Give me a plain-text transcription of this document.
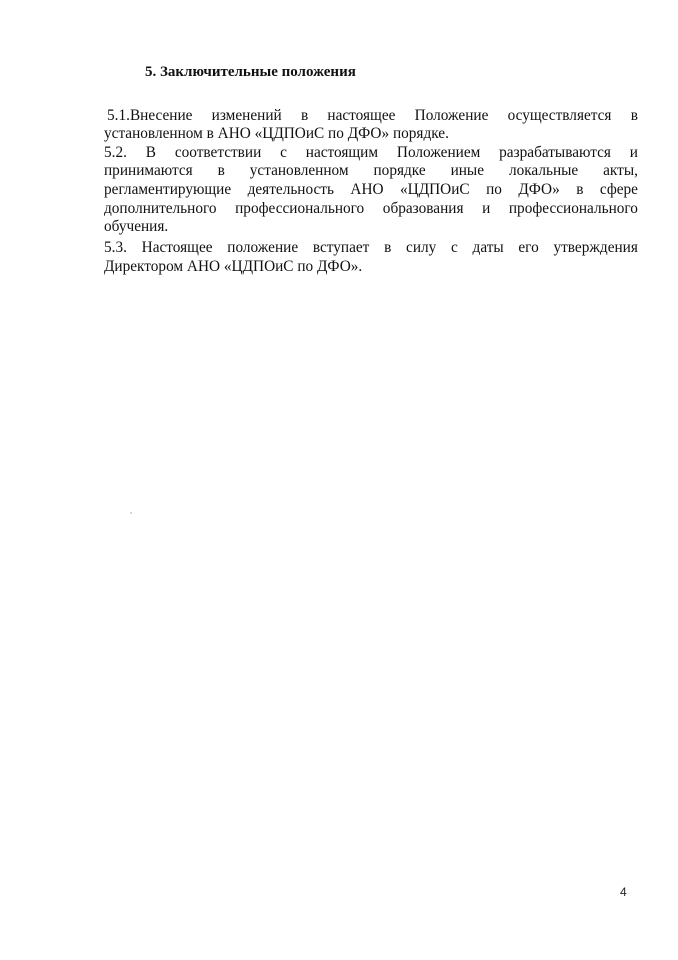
5. Заключительные положения
5.1.Внесение изменений в настоящее Положение осуществляется в
установленном в АНО «ЦДПОиС по ДФО» порядке.
5.2. В соответствии с настоящим Положением разрабатываются и
принимаются в установленном порядке иные локальные акты,
регламентирующие деятельность АНО «ЦДПОиС по ДФО» в сфере
дополнительного профессионального образования и профессионального
обучения.
5.3. Настоящее положение вступает в силу с даты его утверждения
Директором АНО «ЦДПОиС по ДФО».
4
